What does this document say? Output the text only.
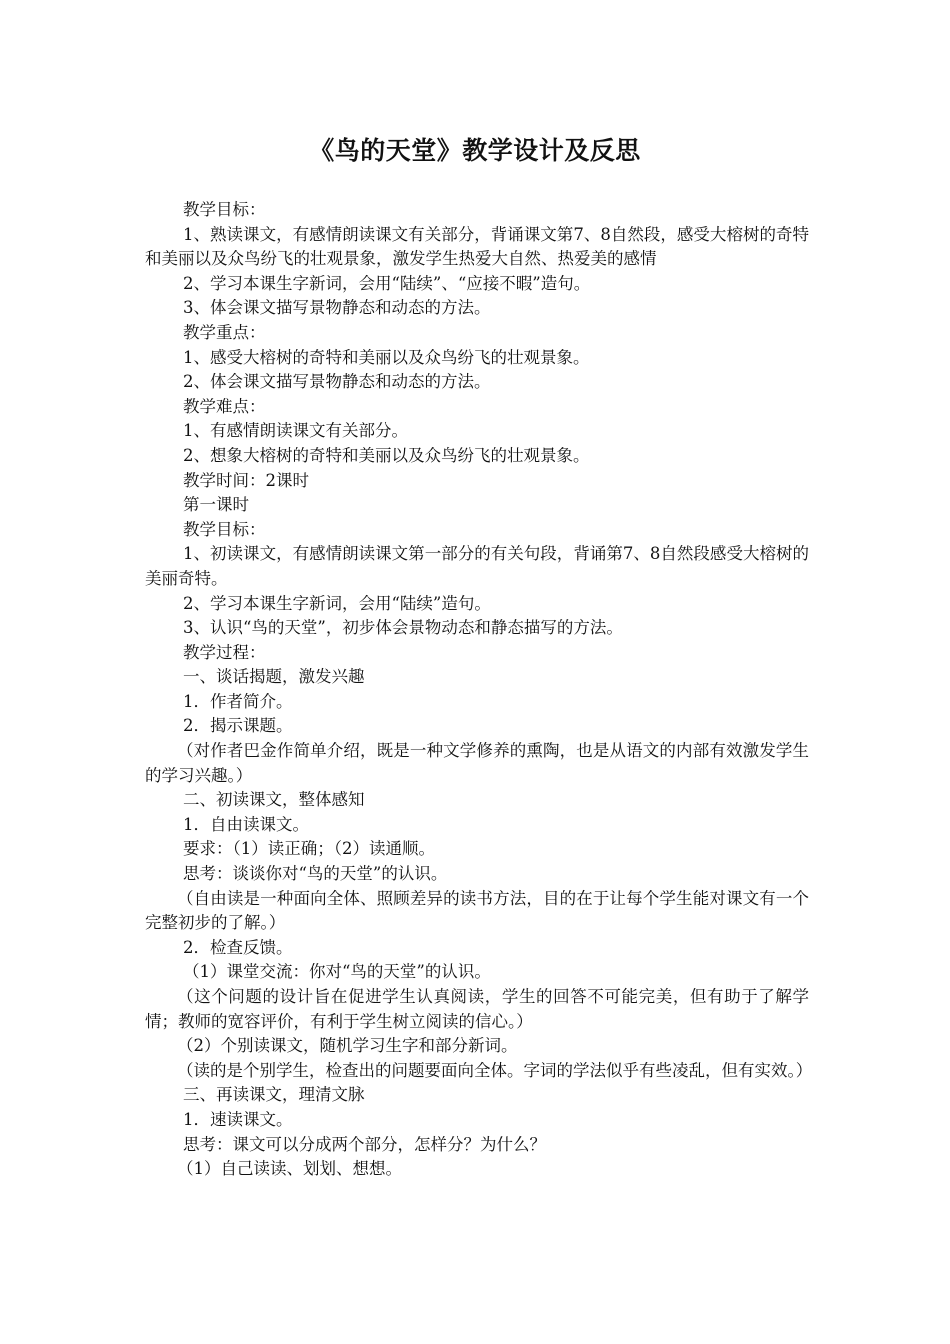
《鸟的天堂》教学设计及反思

教学目标：

1、熟读课文，有感情朗读课文有关部分，背诵课文第7、8自然段，感受大榕树的奇特和美丽以及众鸟纷飞的壮观景象，激发学生热爱大自然、热爱美的感情

2、学习本课生字新词，会用“陆续”、“应接不暇”造句。

3、体会课文描写景物静态和动态的方法。

教学重点：

1、感受大榕树的奇特和美丽以及众鸟纷飞的壮观景象。

2、体会课文描写景物静态和动态的方法。

教学难点：

1、有感情朗读课文有关部分。

2、想象大榕树的奇特和美丽以及众鸟纷飞的壮观景象。

教学时间：2课时

第一课时

教学目标：

1、初读课文，有感情朗读课文第一部分的有关句段，背诵第7、8自然段感受大榕树的美丽奇特。

2、学习本课生字新词，会用“陆续”造句。

3、认识“鸟的天堂”，初步体会景物动态和静态描写的方法。

教学过程：

一、谈话揭题，激发兴趣

1．作者简介。

2．揭示课题。

（对作者巴金作简单介绍，既是一种文学修养的熏陶，也是从语文的内部有效激发学生的学习兴趣。）

二、初读课文，整体感知

1．自由读课文。

要求：（1）读正确；（2）读通顺。

思考：谈谈你对“鸟的天堂”的认识。

（自由读是一种面向全体、照顾差异的读书方法，目的在于让每个学生能对课文有一个完整初步的了解。）

2．检查反馈。

（1）课堂交流：你对“鸟的天堂”的认识。

（这个问题的设计旨在促进学生认真阅读，学生的回答不可能完美，但有助于了解学情；教师的宽容评价，有利于学生树立阅读的信心。）

（2）个别读课文，随机学习生字和部分新词。

（读的是个别学生，检查出的问题要面向全体。字词的学法似乎有些凌乱，但有实效。）

三、再读课文，理清文脉

1．速读课文。

思考：课文可以分成两个部分，怎样分？为什么？

（1）自己读读、划划、想想。
